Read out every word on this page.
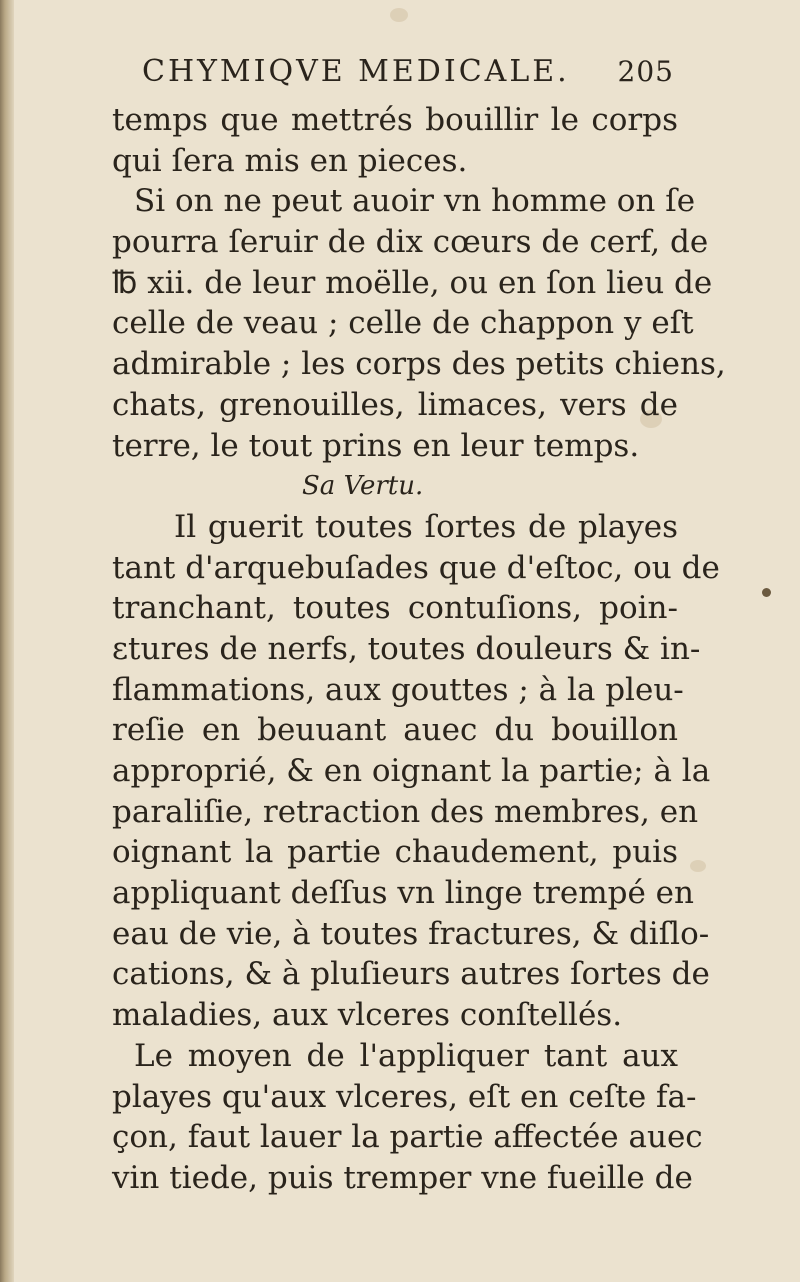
CHYMIQVE MEDICALE. 205
temps que mettrés bouillir le corps
qui ſera mis en pieces.
Si on ne peut auoir vn homme on ſe
pourra ſeruir de dix cœurs de cerf, de
℔ xii. de leur moëlle, ou en ſon lieu de
celle de veau ; celle de chappon y eſt
admirable ; les corps des petits chiens,
chats, grenouilles, limaces, vers de
terre, le tout prins en leur temps.
Sa Vertu.
Il guerit toutes ſortes de playes
tant d'arquebuſades que d'eſtoc, ou de
tranchant, toutes contuſions, poin-
ɛtures de nerfs, toutes douleurs & in-
flammations, aux gouttes ; à la pleu-
reſie en beuuant auec du bouillon
approprié, & en oignant la partie; à la
paraliſie, retraction des membres, en
oignant la partie chaudement, puis
appliquant deſſus vn linge trempé en
eau de vie, à toutes fractures, & diſlo-
cations, & à pluſieurs autres ſortes de
maladies, aux vlceres conſtellés.
Le moyen de l'appliquer tant aux
playes qu'aux vlceres, eſt en ceſte fa-
çon, faut lauer la partie affectée auec
vin tiede, puis tremper vne fueille de
